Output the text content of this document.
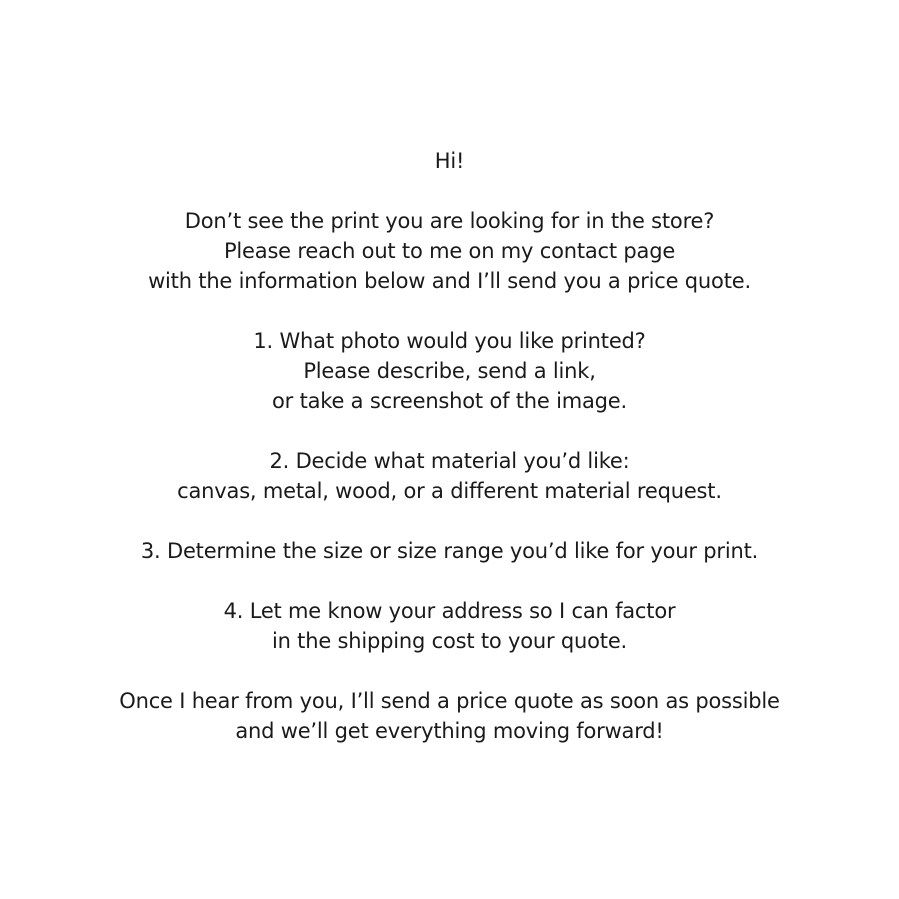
Hi!

Don’t see the print you are looking for in the store?
Please reach out to me on my contact page
with the information below and I’ll send you a price quote.

1. What photo would you like printed?
Please describe, send a link,
or take a screenshot of the image.

2. Decide what material you’d like:
canvas, metal, wood, or a different material request.

3. Determine the size or size range you’d like for your print.

4. Let me know your address so I can factor
in the shipping cost to your quote.

Once I hear from you, I’ll send a price quote as soon as possible
and we’ll get everything moving forward!
